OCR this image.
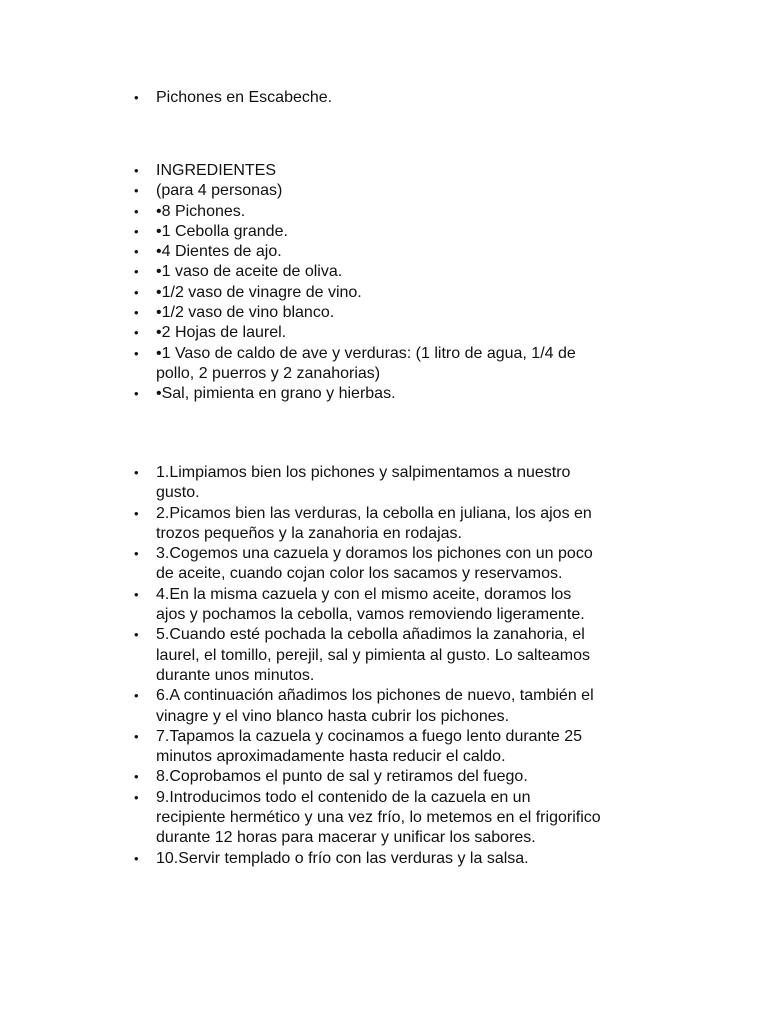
• Pichones en Escabeche.
• INGREDIENTES
• (para 4 personas)
• •8 Pichones.
• •1 Cebolla grande.
• •4 Dientes de ajo.
• •1 vaso de aceite de oliva.
• •1/2 vaso de vinagre de vino.
• •1/2 vaso de vino blanco.
• •2 Hojas de laurel.
• •1 Vaso de caldo de ave y verduras: (1 litro de agua, 1/4 de
pollo, 2 puerros y 2 zanahorias)
• •Sal, pimienta en grano y hierbas.
• 1.Limpiamos bien los pichones y salpimentamos a nuestro
gusto.
• 2.Picamos bien las verduras, la cebolla en juliana, los ajos en
trozos pequeños y la zanahoria en rodajas.
• 3.Cogemos una cazuela y doramos los pichones con un poco
de aceite, cuando cojan color los sacamos y reservamos.
• 4.En la misma cazuela y con el mismo aceite, doramos los
ajos y pochamos la cebolla, vamos removiendo ligeramente.
• 5.Cuando esté pochada la cebolla añadimos la zanahoria, el
laurel, el tomillo, perejil, sal y pimienta al gusto. Lo salteamos
durante unos minutos.
• 6.A continuación añadimos los pichones de nuevo, también el
vinagre y el vino blanco hasta cubrir los pichones.
• 7.Tapamos la cazuela y cocinamos a fuego lento durante 25
minutos aproximadamente hasta reducir el caldo.
• 8.Coprobamos el punto de sal y retiramos del fuego.
• 9.Introducimos todo el contenido de la cazuela en un
recipiente hermético y una vez frío, lo metemos en el frigorifico
durante 12 horas para macerar y unificar los sabores.
• 10.Servir templado o frío con las verduras y la salsa.
